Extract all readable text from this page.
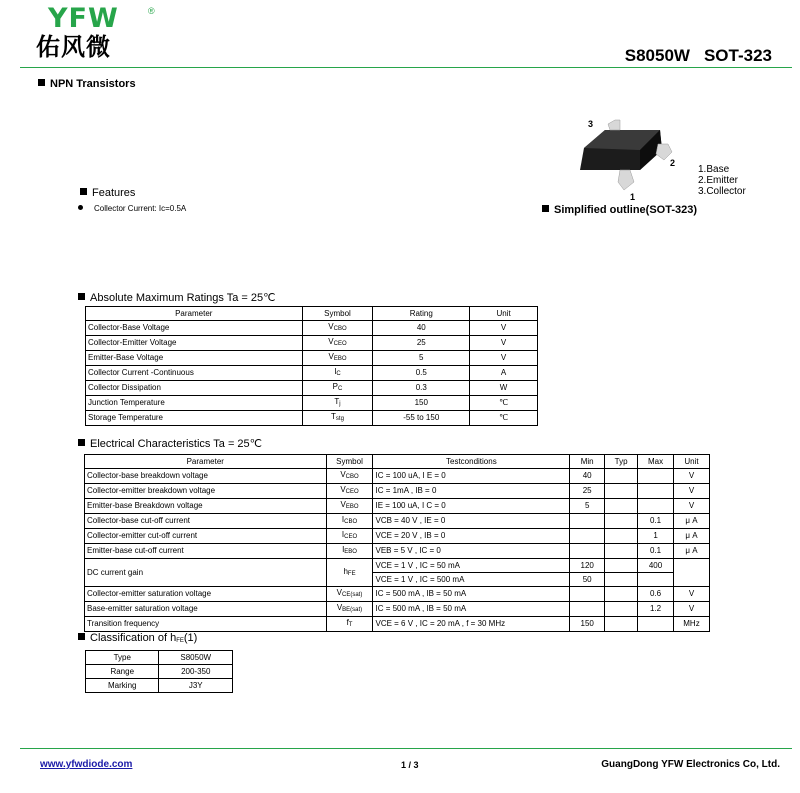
YFW	®
佑风微	S8050W SOT-323
NPN Transistors
Features
Collector Current: Ic=0.5A
3
2
1
1.Base
2.Emitter
3.Collector
Simplified outline(SOT-323)
Absolute Maximum Ratings Ta = 25℃
Parameter	Symbol	Rating	Unit
Collector-Base Voltage	$V_{CBO}$	40	V
Collector-Emitter Voltage	$V_{CEO}$	25	V
Emitter-Base Voltage	$V_{EBO}$	5	V
Collector Current -Continuous	$I_C$	0.5	A
Collector Dissipation	$P_C$	0.3	W
Junction Temperature	$T_j$	150	℃
Storage Temperature	$T_{stg}$	-55 to 150	℃
Electrical Characteristics Ta = 25℃
Parameter	Symbol	Testconditions	Min	Typ	Max	Unit
Collector-base breakdown voltage	$V_{CBO}$	IC = 100 uA, I E = 0	40			V
Collector-emitter breakdown voltage	$V_{CEO}$	IC = 1mA , IB = 0	25			V
Emitter-base Breakdown voltage	$V_{EBO}$	IE = 100 uA, I C = 0	5			V
Collector-base cut-off current	$I_{CBO}$	VCB = 40 V , IE = 0			0.1	μ A
Collector-emitter cut-off current	$I_{CEO}$	VCE = 20 V , IB = 0			1	μ A
Emitter-base cut-off current	$I_{EBO}$	VEB = 5 V , IC = 0			0.1	μ A
DC current gain	$h_{FE}$	VCE = 1 V , IC = 50 mA	120		400	
		VCE = 1 V , IC = 500 mA	50			
Collector-emitter saturation voltage	$V_{CE(sat)}$	IC = 500 mA , IB = 50 mA			0.6	V
Base-emitter saturation voltage	$V_{BE(sat)}$	IC = 500 mA , IB = 50 mA			1.2	V
Transition frequency	$f_T$	VCE = 6 V , IC = 20 mA , f = 30 MHz	150			MHz
Classification of $h_{FE}(1)$
Type	S8050W
Range	200-350
Marking	J3Y
www.yfwdiode.com	1 / 3	GuangDong YFW Electronics Co, Ltd.
